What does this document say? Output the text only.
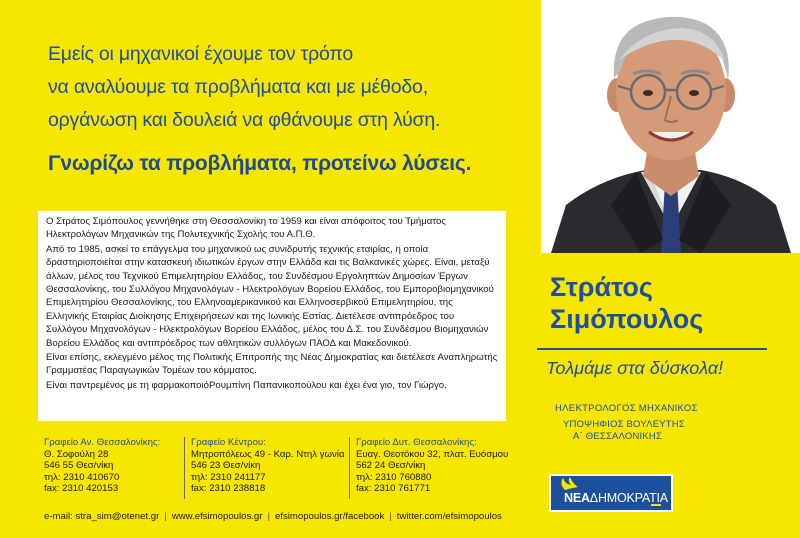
Εμείς οι μηχανικοί έχουμε τον τρόπο
να αναλύουμε τα προβλήματα και με μέθοδο,
οργάνωση και δουλειά να φθάνουμε στη λύση.
Γνωρίζω τα προβλήματα, προτείνω λύσεις.

Ο Στράτος Σιμόπουλος γεννήθηκε στη Θεσσαλονίκη το 1959 και είναι απόφοιτος του Τμήματος Ηλεκτρολόγων Μηχανικών της Πολυτεχνικής Σχολής του Α.Π.Θ.

Από το 1985, ασκεί το επάγγελμα του μηχανικού ως συνιδρυτής τεχνικής εταιρίας, η οποία δραστηριοποιείται στην κατασκευή ιδιωτικών έργων στην Ελλάδα και τις Βαλκανικές χώρες. Είναι, μεταξύ άλλων, μέλος του Τεχνικού Επιμελητηρίου Ελλάδος, του Συνδέσμου Εργοληπτών Δημοσίων Έργων Θεσσαλονίκης, του Συλλόγου Μηχανολόγων - Ηλεκτρολόγων Βορείου Ελλάδος, του Εμποροβιομηχανικού Επιμελητηρίου Θεσσαλονίκης, του Ελληνοαμερικανικού και Ελληνοσερβικού Επιμελητηρίου, της Ελληνικής Εταιρίας Διοίκησης Επιχειρήσεων και της Ιωνικής Εστίας. Διετέλεσε αντιπρόεδρος του Συλλόγου Μηχανολόγων - Ηλεκτρολόγων Βορείου Ελλάδος, μέλος του Δ.Σ. του Συνδέσμου Βιομηχανιών Βορείου Ελλάδος και αντιπρόεδρος των αθλητικών συλλόγων ΠΑΟΔ και Μακεδονικού.

Είναι επίσης, εκλεγμένο μέλος της Πολιτικής Επιτροπής της Νέας Δημοκρατίας και διετέλεσε Αναπληρωτής Γραμματέας Παραγωγικών Τομέων του κόμματος.

Είναι παντρεμένος με τη φαρμακοποιόΡουμπίνη Παπανικοπούλου και έχει ένα γιο, τον Γιώργο.

Στράτος
Σιμόπουλος
Τολμάμε στα δύσκολα!
ΗΛΕΚΤΡΟΛΟΓΟΣ ΜΗΧΑΝΙΚΟΣ
ΥΠΟΨΗΦΙΟΣ ΒΟΥΛΕΥΤΗΣ
Α΄ ΘΕΣΣΑΛΟΝΙΚΗΣ
Γραφείο Αν. Θεσσαλονίκης:
Θ. Σοφούλη 28
546 55 Θεσ/νίκη
τηλ: 2310 410670
fax: 2310 420153
Γραφείο Κέντρου:
Μητροπόλεως 49 - Καρ. Ντηλ γωνία
546 23 Θεσ/νίκη
τηλ: 2310 241177
fax: 2310 238818
Γραφείο Δυτ. Θεσσαλονίκης:
Ευαγ. Θεοτόκου 32, πλατ. Ευόσμου
562 24 Θεσ/νίκη
τηλ: 2310 760880
fax: 2310 761771
e-mail: stra_sim@otenet.gr | www.efsimopoulos.gr | efsimopoulos.gr/facebook | twitter.com/efsimopoulos
ΝΕΑΔΗΜΟΚΡΑΤΙΑ
